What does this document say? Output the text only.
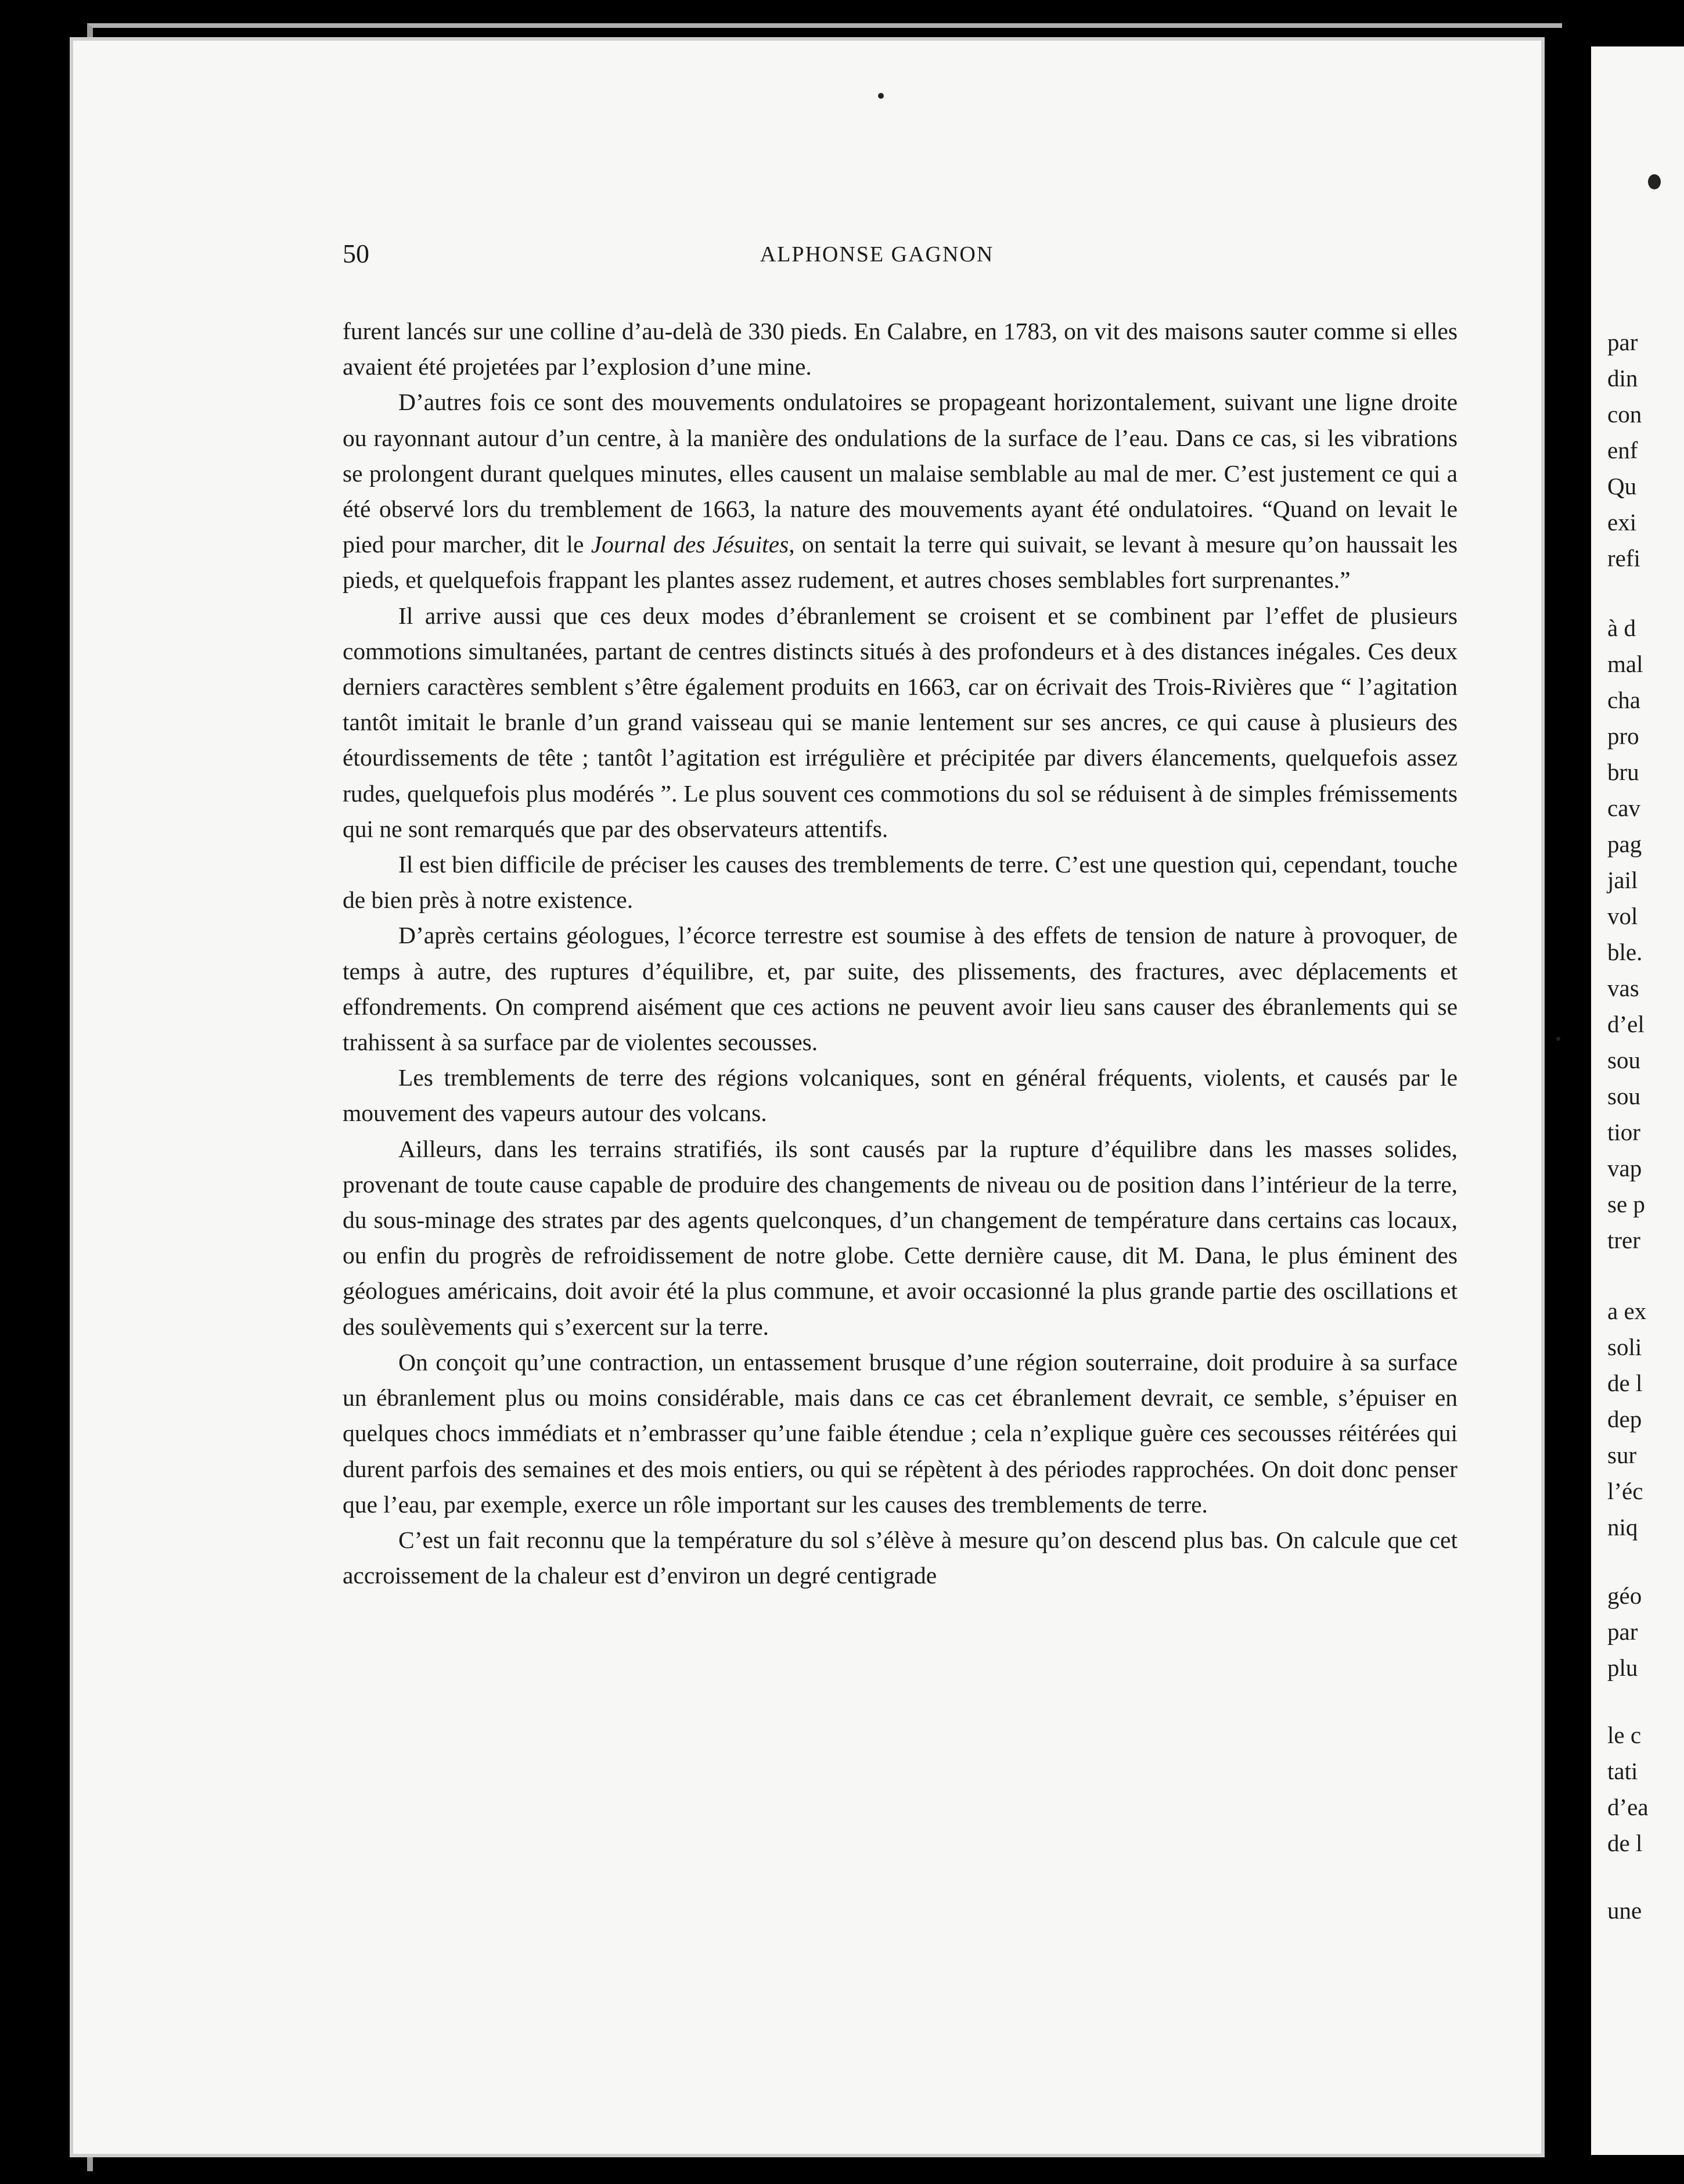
50	ALPHONSE GAGNON

furent lancés sur une colline d’au-delà de 330 pieds. En Calabre, en 1783, on vit des maisons sauter comme si elles avaient été projetées par l’explosion d’une mine.

D’autres fois ce sont des mouvements ondulatoires se propageant horizontalement, suivant une ligne droite ou rayonnant autour d’un centre, à la manière des ondulations de la surface de l’eau. Dans ce cas, si les vibrations se prolongent durant quelques minutes, elles causent un malaise semblable au mal de mer. C’est justement ce qui a été observé lors du tremblement de 1663, la nature des mouvements ayant été ondulatoires. “Quand on levait le pied pour marcher, dit le Journal des Jésuites, on sentait la terre qui suivait, se levant à mesure qu’on haussait les pieds, et quelquefois frappant les plantes assez rudement, et autres choses semblables fort surprenantes.”

Il arrive aussi que ces deux modes d’ébranlement se croisent et se combinent par l’effet de plusieurs commotions simultanées, partant de centres distincts situés à des profondeurs et à des distances inégales. Ces deux derniers caractères semblent s’être également produits en 1663, car on écrivait des Trois-Rivières que “ l’agitation tantôt imitait le branle d’un grand vaisseau qui se manie lentement sur ses ancres, ce qui cause à plusieurs des étourdissements de tête ; tantôt l’agitation est irrégulière et précipitée par divers élancements, quelquefois assez rudes, quelquefois plus modérés ”. Le plus souvent ces commotions du sol se réduisent à de simples frémissements qui ne sont remarqués que par des observateurs attentifs.

Il est bien difficile de préciser les causes des tremblements de terre. C’est une question qui, cependant, touche de bien près à notre existence.

D’après certains géologues, l’écorce terrestre est soumise à des effets de tension de nature à provoquer, de temps à autre, des ruptures d’équilibre, et, par suite, des plissements, des fractures, avec déplacements et effondrements. On comprend aisément que ces actions ne peuvent avoir lieu sans causer des ébranlements qui se trahissent à sa surface par de violentes secousses.

Les tremblements de terre des régions volcaniques, sont en général fréquents, violents, et causés par le mouvement des vapeurs autour des volcans.

Ailleurs, dans les terrains stratifiés, ils sont causés par la rupture d’équilibre dans les masses solides, provenant de toute cause capable de produire des changements de niveau ou de position dans l’intérieur de la terre, du sous-minage des strates par des agents quelconques, d’un changement de température dans certains cas locaux, ou enfin du progrès de refroidissement de notre globe. Cette dernière cause, dit M. Dana, le plus éminent des géologues américains, doit avoir été la plus commune, et avoir occasionné la plus grande partie des oscillations et des soulèvements qui s’exercent sur la terre.

On conçoit qu’une contraction, un entassement brusque d’une région souterraine, doit produire à sa surface un ébranlement plus ou moins considérable, mais dans ce cas cet ébranlement devrait, ce semble, s’épuiser en quelques chocs immédiats et n’embrasser qu’une faible étendue ; cela n’explique guère ces secousses réitérées qui durent parfois des semaines et des mois entiers, ou qui se répètent à des périodes rapprochées. On doit donc penser que l’eau, par exemple, exerce un rôle important sur les causes des tremblements de terre.

C’est un fait reconnu que la température du sol s’élève à mesure qu’on descend plus bas. On calcule que cet accroissement de la chaleur est d’environ un degré centigrade

par
din
con
enf
Qu
exi
refi
à d
mal
cha
pro
bru
cav
pag
jail
vol
ble.
vas
d’el
sou
sou
tior
vap
se p
trer
a ex
soli
de l
dep
sur
l’éc
niq
géo
par
plu
le c
tati
d’ea
de l
une
